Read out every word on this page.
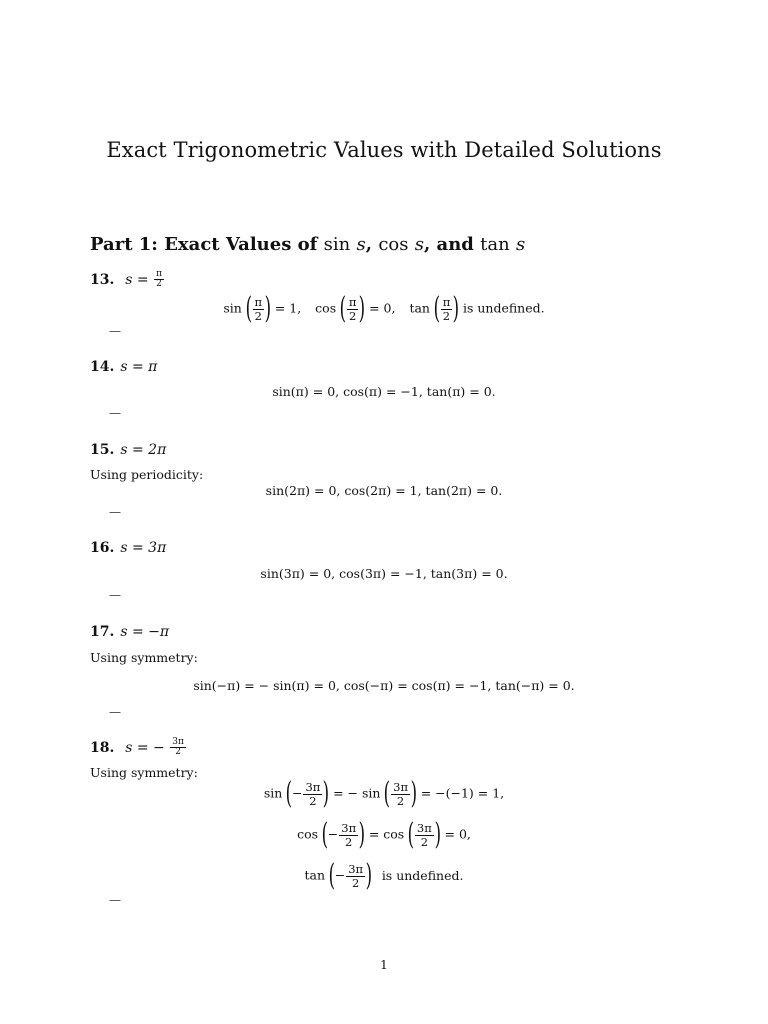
Exact Trigonometric Values with Detailed Solutions
Part 1: Exact Values of sin s, cos s, and tan s
13. $s = \frac{\pi}{2}$
sin ( $\frac{\pi}{2}$ ) = 1, cos ( $\frac{\pi}{2}$ ) = 0, tan ( $\frac{\pi}{2}$ ) is undefined.
—
14. s = π
sin(π) = 0, cos(π) = −1, tan(π) = 0.
—
15. s = 2π
Using periodicity:
sin(2π) = 0, cos(2π) = 1, tan(2π) = 0.
—
16. s = 3π
sin(3π) = 0, cos(3π) = −1, tan(3π) = 0.
—
17. s = −π
Using symmetry:
sin(−π) = − sin(π) = 0, cos(−π) = cos(π) = −1, tan(−π) = 0.
—
18. s = − $\frac{3\pi}{2}$
Using symmetry:
sin (− $\frac{3\pi}{2}$ ) = − sin ( $\frac{3\pi}{2}$ ) = −(−1) = 1,
cos (− $\frac{3\pi}{2}$ ) = cos ( $\frac{3\pi}{2}$ ) = 0,
tan (− $\frac{3\pi}{2}$ ) is undefined.
—
1
